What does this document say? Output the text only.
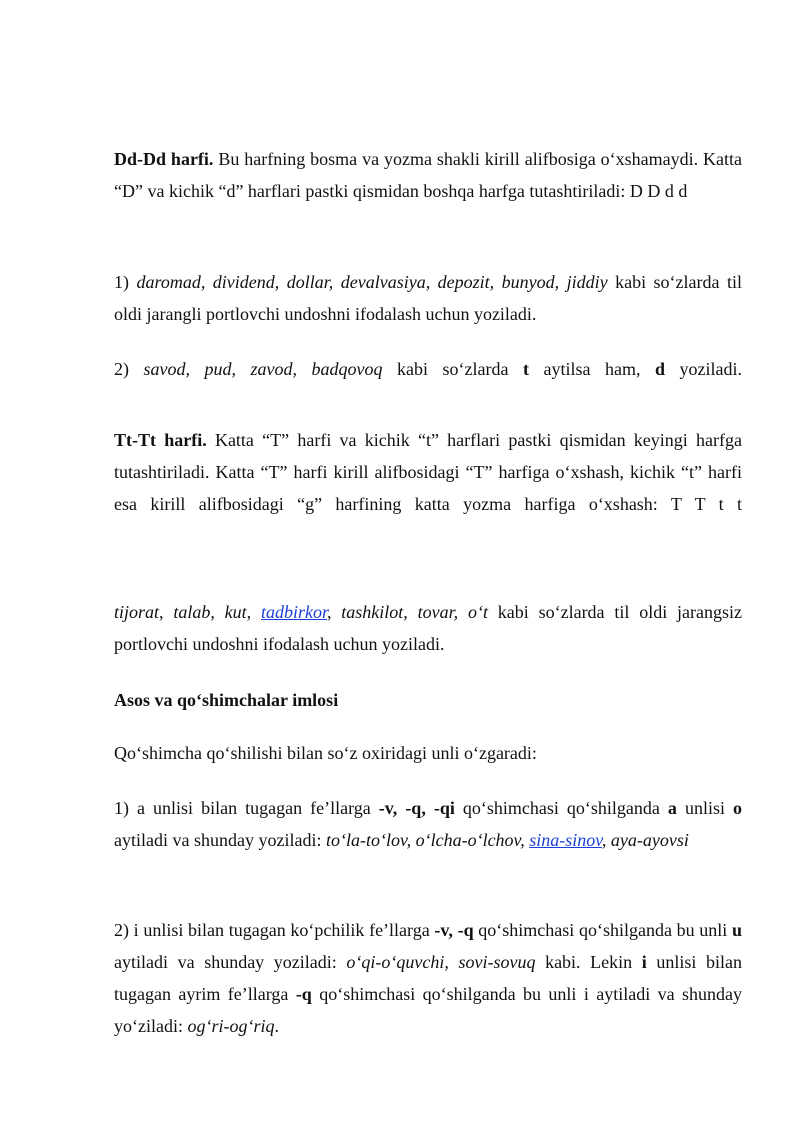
Dd-Dd harfi. Bu harfning bosma va yozma shakli kirill alifbosiga o‘xshamaydi. Katta “D” va kichik “d” harflari pastki qismidan boshqa harfga tutashtiriladi: D D d d

1) daromad, dividend, dollar, devalvasiya, depozit, bunyod, jiddiy kabi so‘zlarda til oldi jarangli portlovchi undoshni ifodalash uchun yoziladi.

2) savod, pud, zavod, badqovoq kabi so‘zlarda t aytilsa ham, d yoziladi.

Tt-Tt harfi. Katta “T” harfi va kichik “t” harflari pastki qismidan keyingi harfga tutashtiriladi. Katta “T” harfi kirill alifbosidagi “T” harfiga o‘xshash, kichik “t” harfi esa kirill alifbosidagi “g” harfining katta yozma harfiga o‘xshash: T T t t

tijorat, talab, kut, tadbirkor, tashkilot, tovar, o‘t kabi so‘zlarda til oldi jarangsiz portlovchi undoshni ifodalash uchun yoziladi.

Asos va qo‘shimchalar imlosi

Qo‘shimcha qo‘shilishi bilan so‘z oxiridagi unli o‘zgaradi:

1) a unlisi bilan tugagan fe’llarga -v, -q, -qi qo‘shimchasi qo‘shilganda a unlisi o aytiladi va shunday yoziladi: to‘la-to‘lov, o‘lcha-o‘lchov, sina-sinov, aya-ayovsi

2) i unlisi bilan tugagan ko‘pchilik fe’llarga -v, -q qo‘shimchasi qo‘shilganda bu unli u aytiladi va shunday yoziladi: o‘qi-o‘quvchi, sovi-sovuq kabi. Lekin i unlisi bilan tugagan ayrim fe’llarga -q qo‘shimchasi qo‘shilganda bu unli i aytiladi va shunday yo‘ziladi: og‘ri-og‘riq.
